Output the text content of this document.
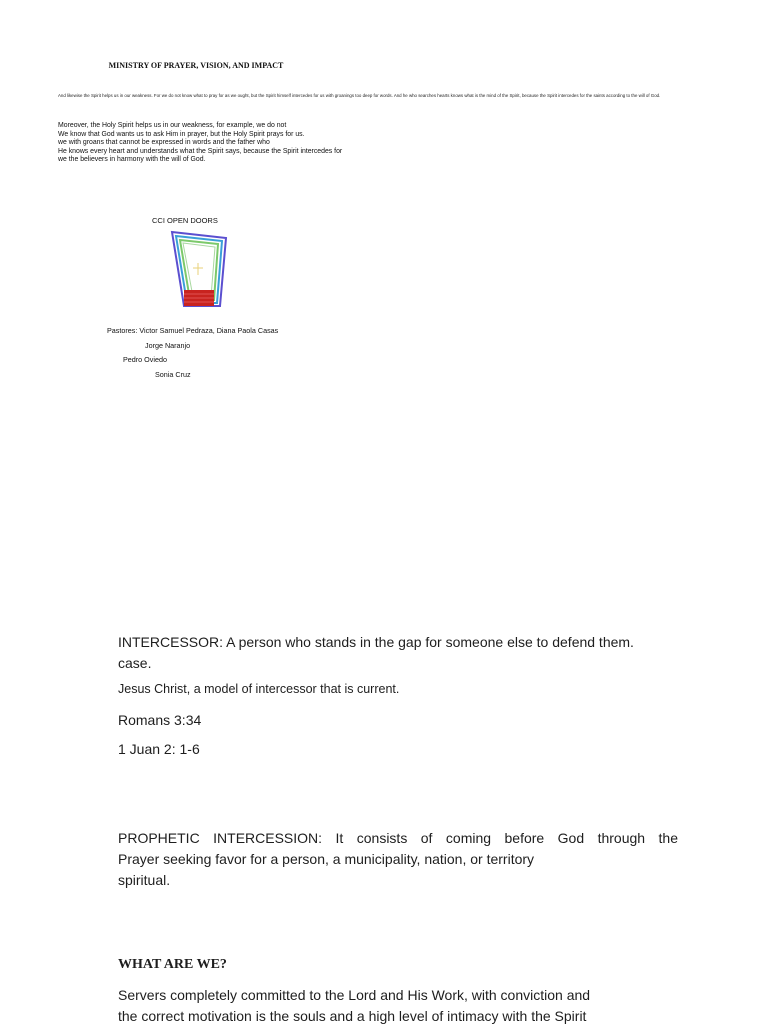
MINISTRY OF PRAYER, VISION, AND IMPACT
And likewise the Spirit helps us in our weakness. For we do not know what to pray for as we ought, but the Spirit himself intercedes for us with groanings too deep for words. And he who searches hearts knows what is the mind of the Spirit, because the Spirit intercedes for the saints according to the will of God.
Moreover, the Holy Spirit helps us in our weakness, for example, we do not
We know that God wants us to ask Him in prayer, but the Holy Spirit prays for us.
we with groans that cannot be expressed in words and the father who
He knows every heart and understands what the Spirit says, because the Spirit intercedes for
we the believers in harmony with the will of God.
CCI OPEN DOORS
Pastores: Victor Samuel Pedraza, Diana Paola Casas
Jorge Naranjo
Pedro Oviedo
Sonia Cruz
INTERCESSOR: A person who stands in the gap for someone else to defend them.
case.
Jesus Christ, a model of intercessor that is current.
Romans 3:34
1 Juan 2: 1-6
PROPHETIC INTERCESSION: It consists of coming before God through the
Prayer seeking favor for a person, a municipality, nation, or territory
spiritual.
WHAT ARE WE?
Servers completely committed to the Lord and His Work, with conviction and
the correct motivation is the souls and a high level of intimacy with the Spirit
